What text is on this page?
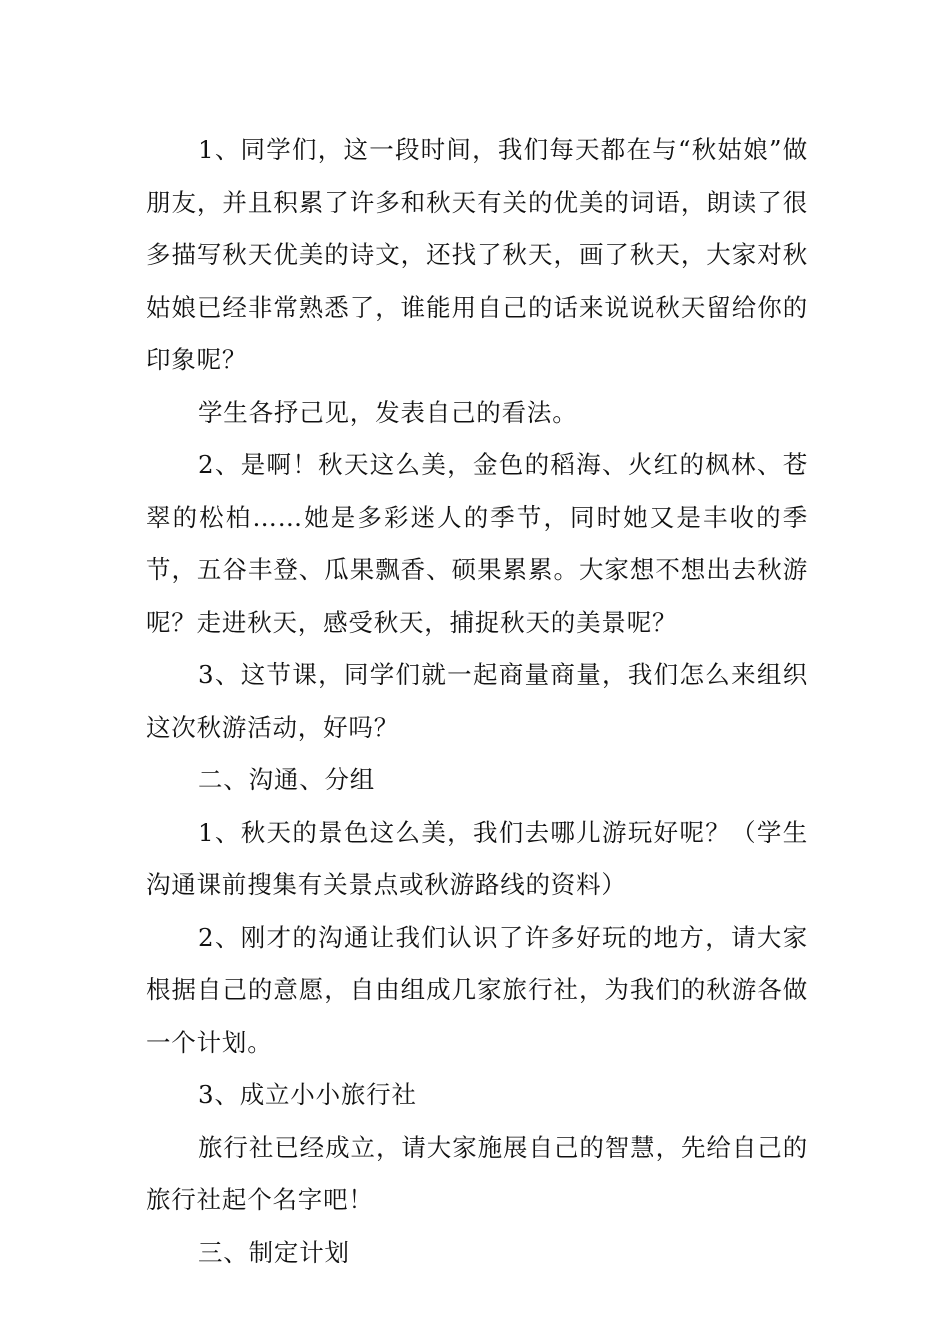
1、同学们，这一段时间，我们每天都在与“秋姑娘”做朋友，并且积累了许多和秋天有关的优美的词语，朗读了很多描写秋天优美的诗文，还找了秋天，画了秋天，大家对秋姑娘已经非常熟悉了，谁能用自己的话来说说秋天留给你的印象呢？

学生各抒己见，发表自己的看法。

2、是啊！秋天这么美，金色的稻海、火红的枫林、苍翠的松柏……她是多彩迷人的季节，同时她又是丰收的季节，五谷丰登、瓜果飘香、硕果累累。大家想不想出去秋游呢？走进秋天，感受秋天，捕捉秋天的美景呢？

3、这节课，同学们就一起商量商量，我们怎么来组织这次秋游活动，好吗？

二、沟通、分组

1、秋天的景色这么美，我们去哪儿游玩好呢？（学生沟通课前搜集有关景点或秋游路线的资料）

2、刚才的沟通让我们认识了许多好玩的地方，请大家根据自己的意愿，自由组成几家旅行社，为我们的秋游各做一个计划。

3、成立小小旅行社

旅行社已经成立，请大家施展自己的智慧，先给自己的旅行社起个名字吧！

三、制定计划
